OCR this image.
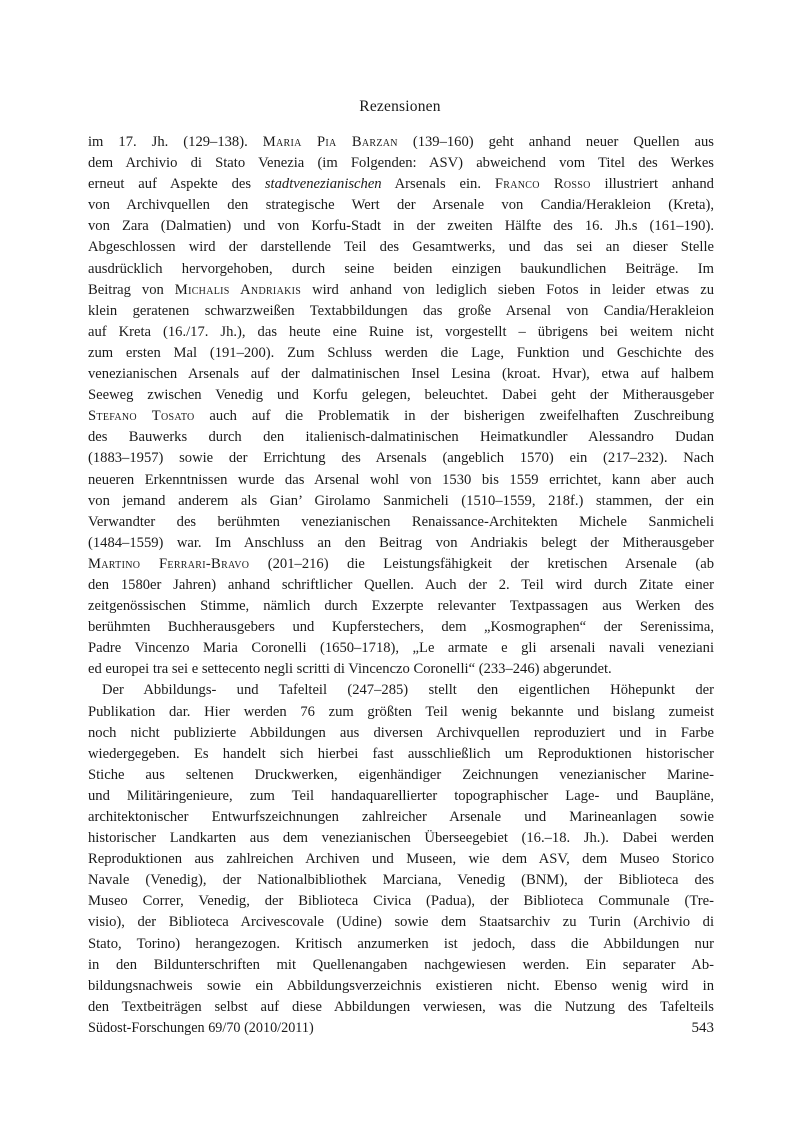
Rezensionen
im 17. Jh. (129–138). Maria Pia Barzan (139–160) geht anhand neuer Quellen aus
dem Archivio di Stato Venezia (im Folgenden: ASV) abweichend vom Titel des Werkes
erneut auf Aspekte des stadtvenezianischen Arsenals ein. Franco Rosso illustriert anhand
von Archivquellen den strategische Wert der Arsenale von Candia/Herakleion (Kreta),
von Zara (Dalmatien) und von Korfu-Stadt in der zweiten Hälfte des 16. Jh.s (161–190).
Abgeschlossen wird der darstellende Teil des Gesamtwerks, und das sei an dieser Stelle
ausdrücklich hervorgehoben, durch seine beiden einzigen baukundlichen Beiträge. Im
Beitrag von Michalis Andriakis wird anhand von lediglich sieben Fotos in leider etwas zu
klein geratenen schwarzweißen Textabbildungen das große Arsenal von Candia/Herakleion
auf Kreta (16./17. Jh.), das heute eine Ruine ist, vorgestellt – übrigens bei weitem nicht
zum ersten Mal (191–200). Zum Schluss werden die Lage, Funktion und Geschichte des
venezianischen Arsenals auf der dalmatinischen Insel Lesina (kroat. Hvar), etwa auf halbem
Seeweg zwischen Venedig und Korfu gelegen, beleuchtet. Dabei geht der Mitherausgeber
Stefano Tosato auch auf die Problematik in der bisherigen zweifelhaften Zuschreibung
des Bauwerks durch den italienisch-dalmatinischen Heimatkundler Alessandro Dudan
(1883–1957) sowie der Errichtung des Arsenals (angeblich 1570) ein (217–232). Nach
neueren Erkenntnissen wurde das Arsenal wohl von 1530 bis 1559 errichtet, kann aber auch
von jemand anderem als Gian’ Girolamo Sanmicheli (1510–1559, 218f.) stammen, der ein
Verwandter des berühmten venezianischen Renaissance-Architekten Michele Sanmicheli
(1484–1559) war. Im Anschluss an den Beitrag von Andriakis belegt der Mitherausgeber
Martino Ferrari-Bravo (201–216) die Leistungsfähigkeit der kretischen Arsenale (ab
den 1580er Jahren) anhand schriftlicher Quellen. Auch der 2. Teil wird durch Zitate einer
zeitgenössischen Stimme, nämlich durch Exzerpte relevanter Textpassagen aus Werken des
berühmten Buchherausgebers und Kupferstechers, dem „Kosmographen“ der Serenissima,
Padre Vincenzo Maria Coronelli (1650–1718), „Le armate e gli arsenali navali veneziani
ed europei tra sei e settecento negli scritti di Vincenczo Coronelli“ (233–246) abgerundet.
Der Abbildungs- und Tafelteil (247–285) stellt den eigentlichen Höhepunkt der
Publikation dar. Hier werden 76 zum größten Teil wenig bekannte und bislang zumeist
noch nicht publizierte Abbildungen aus diversen Archivquellen reproduziert und in Farbe
wiedergegeben. Es handelt sich hierbei fast ausschließlich um Reproduktionen historischer
Stiche aus seltenen Druckwerken, eigenhändiger Zeichnungen venezianischer Marine-
und Militäringenieure, zum Teil handaquarellierter topographischer Lage- und Baupläne,
architektonischer Entwurfszeichnungen zahlreicher Arsenale und Marineanlagen sowie
historischer Landkarten aus dem venezianischen Überseegebiet (16.–18. Jh.). Dabei werden
Reproduktionen aus zahlreichen Archiven und Museen, wie dem ASV, dem Museo Storico
Navale (Venedig), der Nationalbibliothek Marciana, Venedig (BNM), der Biblioteca des
Museo Correr, Venedig, der Biblioteca Civica (Padua), der Biblioteca Communale (Tre-
visio), der Biblioteca Arcivescovale (Udine) sowie dem Staatsarchiv zu Turin (Archivio di
Stato, Torino) herangezogen. Kritisch anzumerken ist jedoch, dass die Abbildungen nur
in den Bildunterschriften mit Quellenangaben nachgewiesen werden. Ein separater Ab-
bildungsnachweis sowie ein Abbildungsverzeichnis existieren nicht. Ebenso wenig wird in
den Textbeiträgen selbst auf diese Abbildungen verwiesen, was die Nutzung des Tafelteils
Südost-Forschungen 69/70 (2010/2011)	543
